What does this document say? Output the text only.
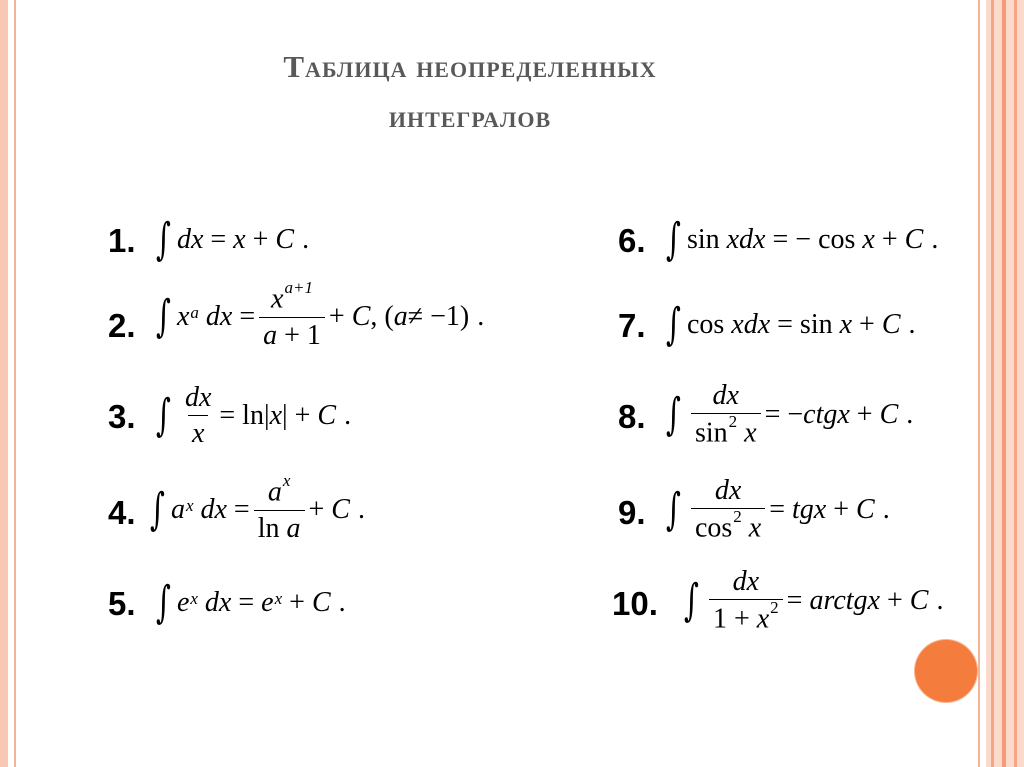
Таблица неопределенных
интегралов
1. ∫ dx = x + C .
2. ∫ $x^a$
dx = $\frac{x^{a+1}}{a + 1} + C$ , ( a ≠ −1) .
3. ∫ $\frac{dx}{x} = \ln|$ x | + C .
4. ∫ $a^x$
dx = $\frac{a^x}{\text{ln a}} + C$ .
5. ∫ $e^x$
dx = $e^x + C$ .
6. ∫ sin xdx = − cos x + C .
7. ∫ cos xdx = sin x + C .
8. ∫ $\frac{dx}{\sin^2 x}$ = − ctgx + C .
9. ∫ $\frac{dx}{\cos^2 x}$ = tgx + C .
10. ∫ $\frac{dx}{1 + x^2}$ = arctgx + C .
